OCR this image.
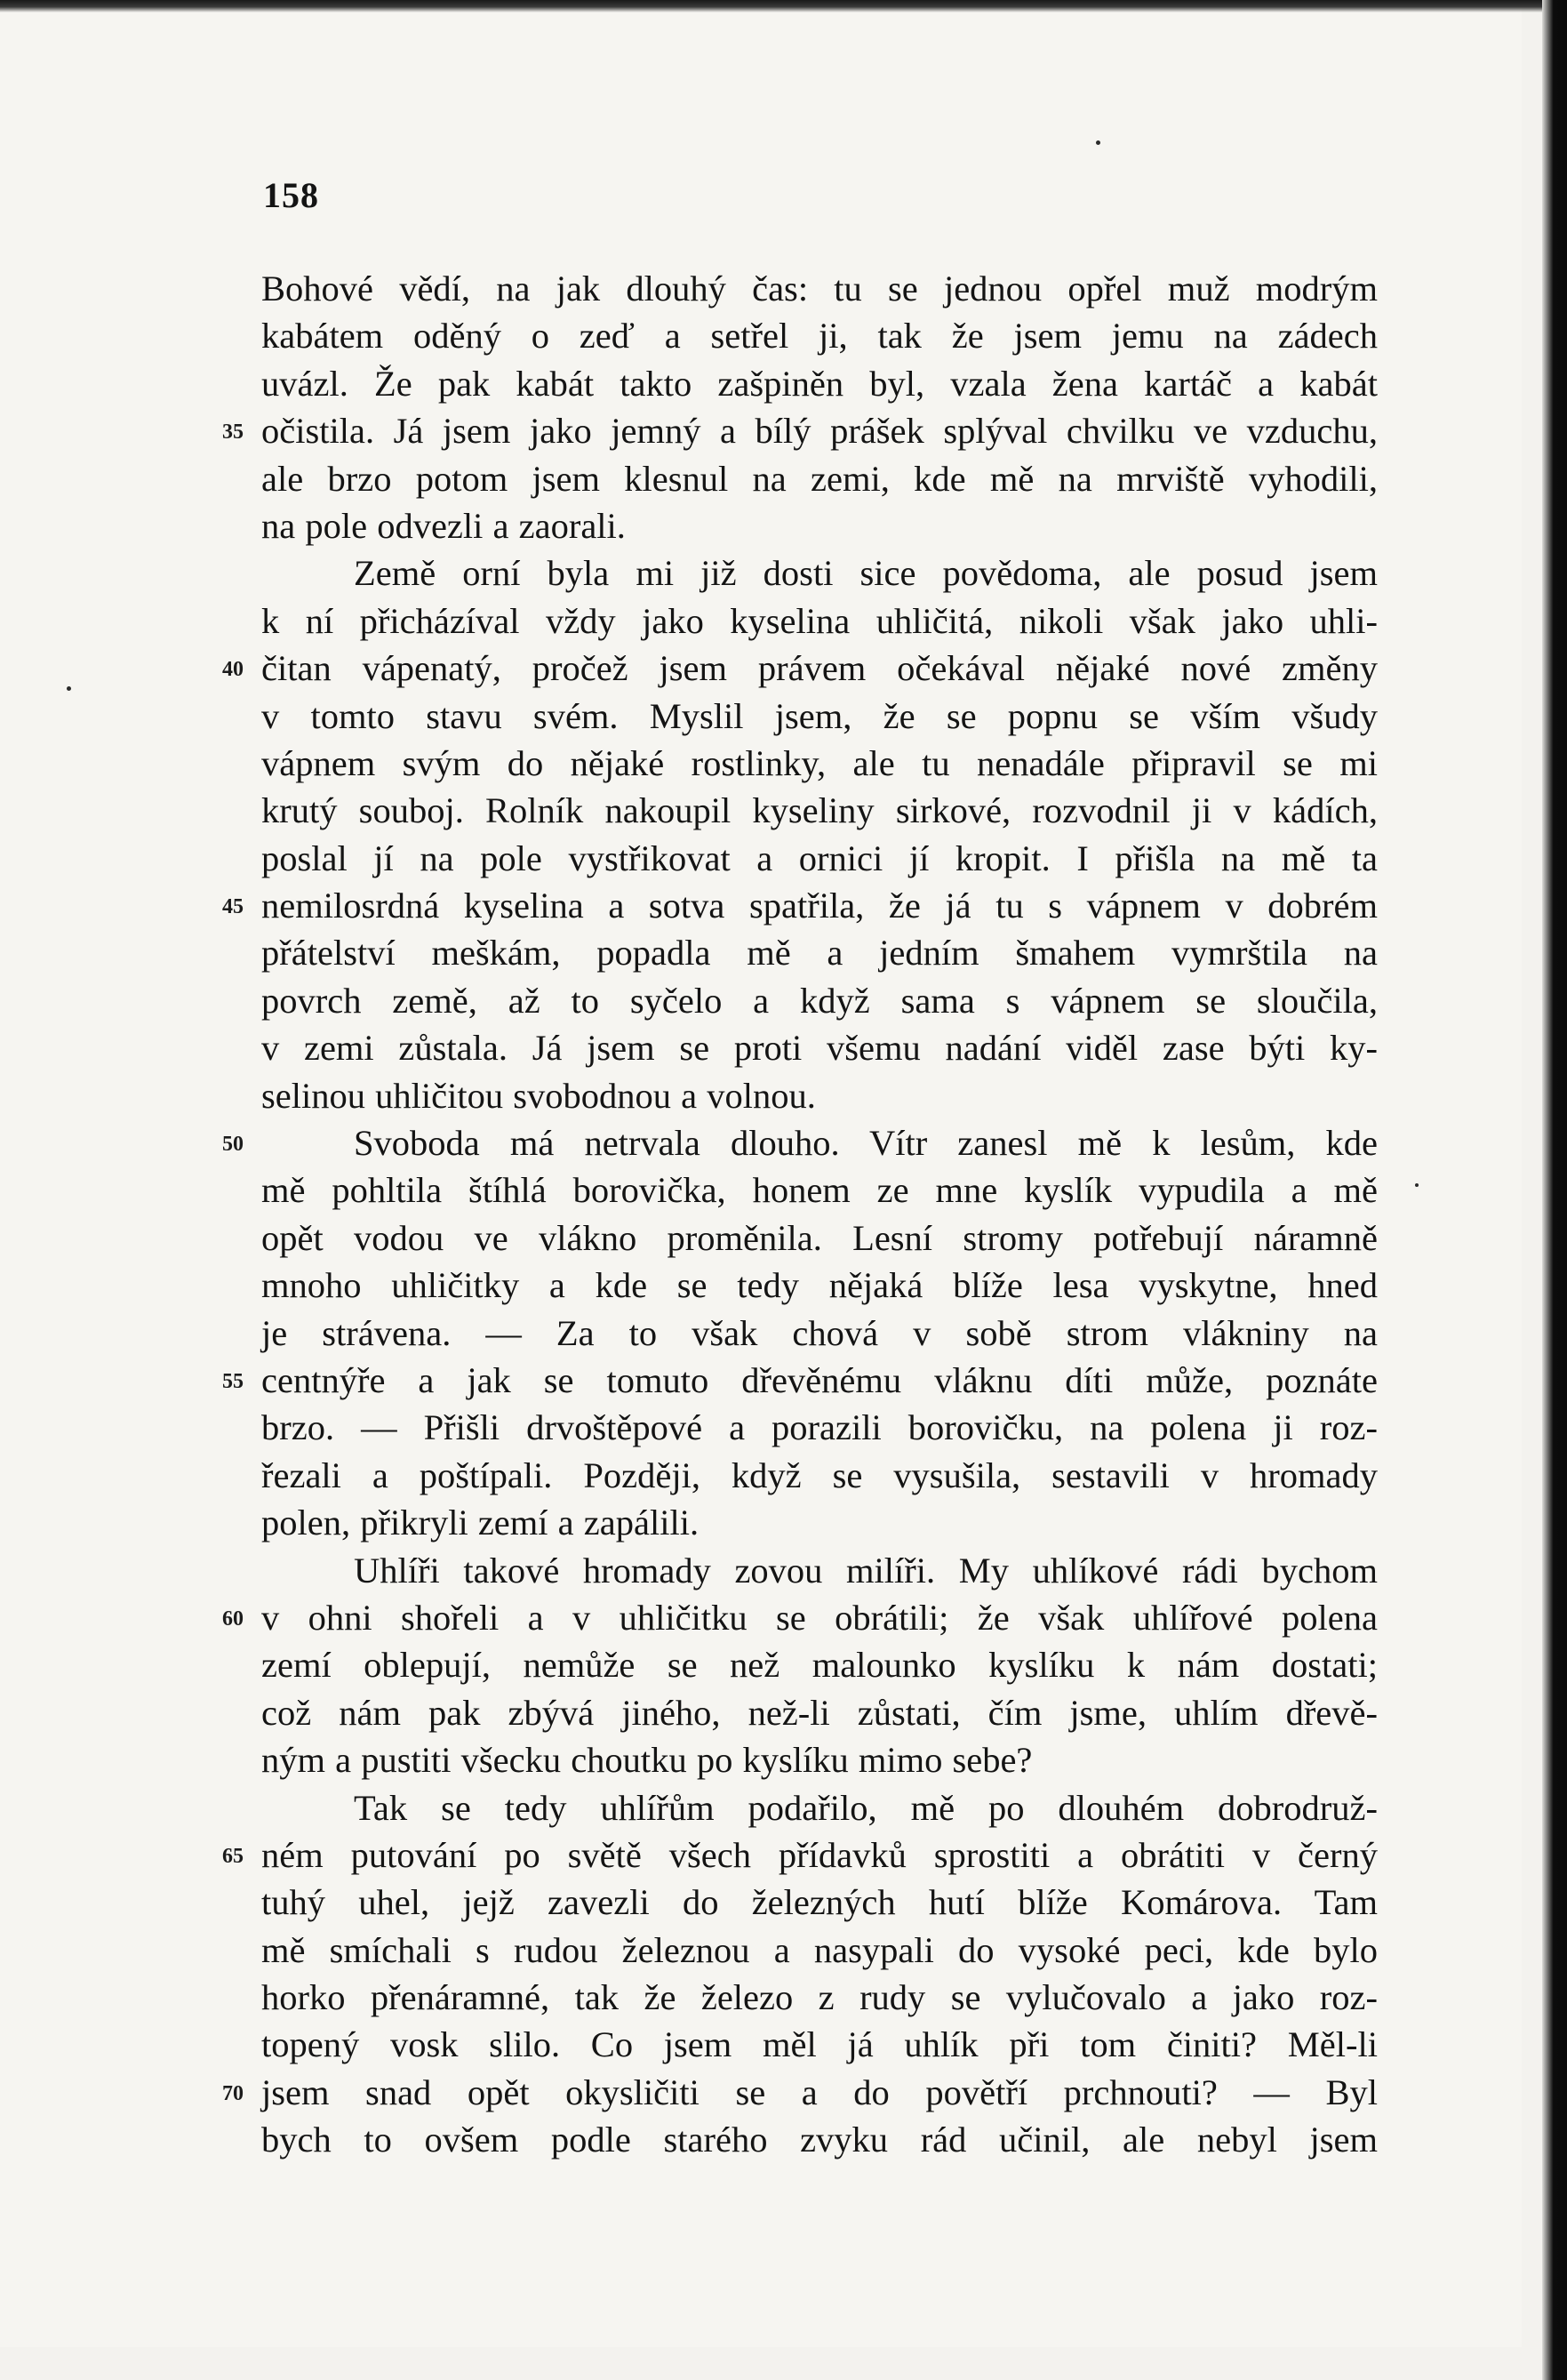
158
Bohové vědí, na jak dlouhý čas: tu se jednou opřel muž modrým
kabátem oděný o zeď a setřel ji, tak že jsem jemu na zádech
uvázl. Že pak kabát takto zašpiněn byl, vzala žena kartáč a kabát
35 očistila. Já jsem jako jemný a bílý prášek splýval chvilku ve vzduchu,
ale brzo potom jsem klesnul na zemi, kde mě na mrviště vyhodili,
na pole odvezli a zaorali.
Země orní byla mi již dosti sice povědoma, ale posud jsem
k ní přicházíval vždy jako kyselina uhličitá, nikoli však jako uhli-
40 čitan vápenatý, pročež jsem právem očekával nějaké nové změny
v tomto stavu svém. Myslil jsem, že se popnu se vším všudy
vápnem svým do nějaké rostlinky, ale tu nenadále připravil se mi
krutý souboj. Rolník nakoupil kyseliny sirkové, rozvodnil ji v kádích,
poslal jí na pole vystřikovat a ornici jí kropit. I přišla na mě ta
45 nemilosrdná kyselina a sotva spatřila, že já tu s vápnem v dobrém
přátelství meškám, popadla mě a jedním šmahem vymrštila na
povrch země, až to syčelo a když sama s vápnem se sloučila,
v zemi zůstala. Já jsem se proti všemu nadání viděl zase býti ky-
selinou uhličitou svobodnou a volnou.
50	Svoboda má netrvala dlouho. Vítr zanesl mě k lesům, kde
mě pohltila štíhlá borovička, honem ze mne kyslík vypudila a mě
opět vodou ve vlákno proměnila. Lesní stromy potřebují náramně
mnoho uhličitky a kde se tedy nějaká blíže lesa vyskytne, hned
je strávena. — Za to však chová v sobě strom vlákniny na
55 centnýře a jak se tomuto dřevěnému vláknu díti může, poznáte
brzo. — Přišli drvoštěpové a porazili borovičku, na polena ji roz-
řezali a poštípali. Později, když se vysušila, sestavili v hromady
polen, přikryli zemí a zapálili.
Uhlíři takové hromady zovou milíři. My uhlíkové rádi bychom
60 v ohni shořeli a v uhličitku se obrátili; že však uhlířové polena
zemí oblepují, nemůže se než malounko kyslíku k nám dostati;
což nám pak zbývá jiného, než-li zůstati, čím jsme, uhlím dřevě-
ným a pustiti všecku choutku po kyslíku mimo sebe?
Tak se tedy uhlířům podařilo, mě po dlouhém dobrodruž-
65 ném putování po světě všech přídavků sprostiti a obrátiti v černý
tuhý uhel, jejž zavezli do železných hutí blíže Komárova. Tam
mě smíchali s rudou železnou a nasypali do vysoké peci, kde bylo
horko přenáramné, tak že železo z rudy se vylučovalo a jako roz-
topený vosk slilo. Co jsem měl já uhlík při tom činiti? Měl-li
70 jsem snad opět okysličiti se a do povětří prchnouti? — Byl
bych to ovšem podle starého zvyku rád učinil, ale nebyl jsem
